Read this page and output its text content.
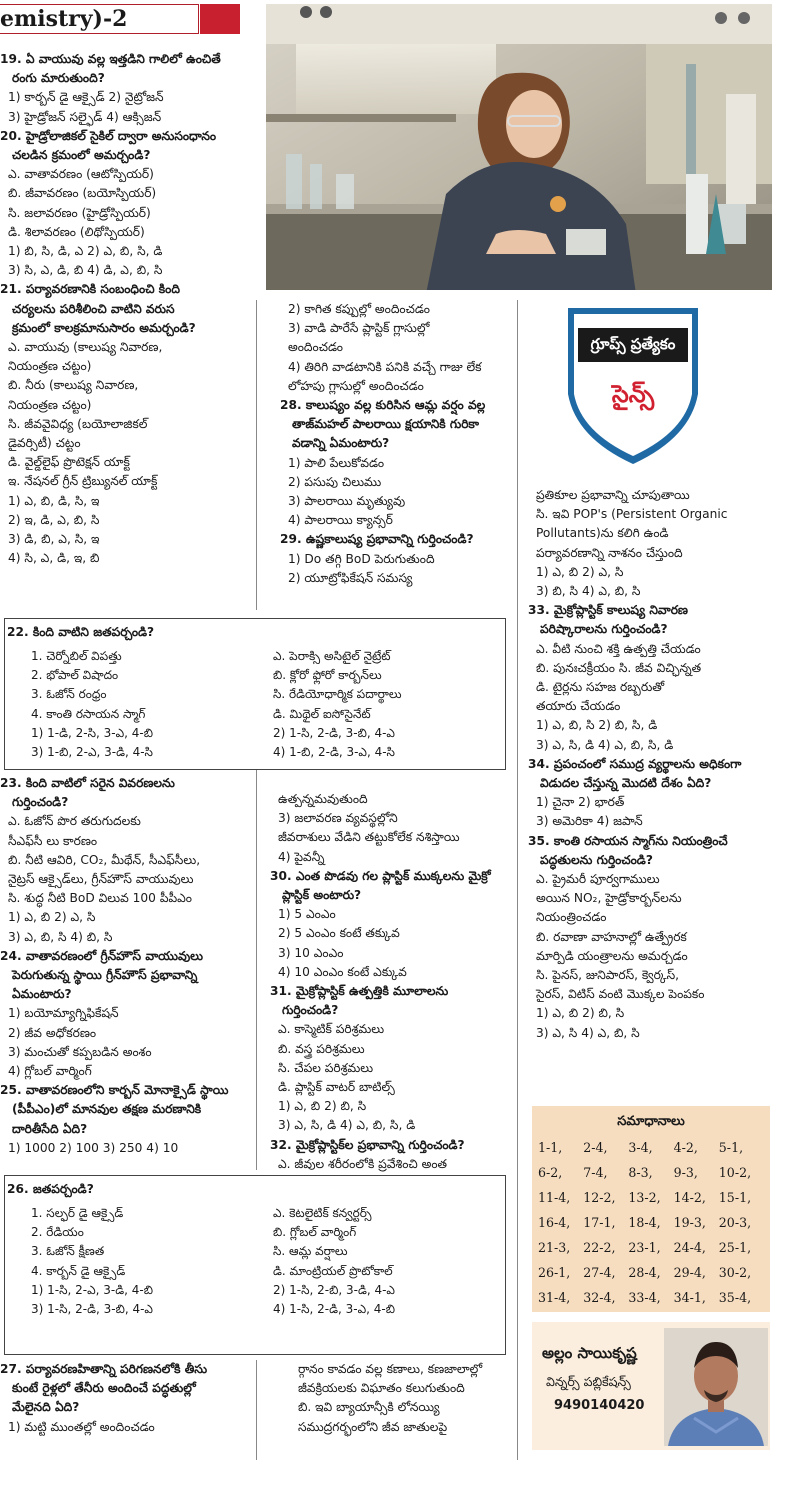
emistry)-2
19. ఏ వాయువు వల్ల ఇత్తడిని గాలిలో ఉంచితే
రంగు మారుతుంది?
1) కార్బన్ డై ఆక్సైడ్ 2) నైట్రోజన్
3) హైడ్రోజన్ సల్ఫైడ్ 4) ఆక్సిజన్
20. హైడ్రోలాజికల్ సైకిల్ ద్వారా అనుసంధానం
చలడిన క్రమంలో అమర్చండి?
ఎ. వాతావరణం (ఆటోస్పియర్)
బి. జీవావరణం (బయోస్పియర్)
సి. జలావరణం (హైడ్రోస్పియర్)
డి. శిలావరణం (లిథోస్పియర్)
1) బి, సి, డి, ఎ 2) ఎ, బి, సి, డి
3) సి, ఎ, డి, బి 4) డి, ఎ, బి, సి
21. పర్యావరణానికి సంబంధించి కింది
చర్యలను పరిశీలించి వాటిని వరుస
క్రమంలో కాలక్రమానుసారం అమర్చండి?
ఎ. వాయువు (కాలుష్య నివారణ,
నియంత్రణ చట్టం)
బి. నీరు (కాలుష్య నివారణ,
నియంత్రణ చట్టం)
సి. జీవవైవిధ్య (బయోలాజికల్
డైవర్సిటీ) చట్టం
డి. వైల్డ్‌లైఫ్ ప్రొటెక్షన్ యాక్ట్
ఇ. నేషనల్ గ్రీన్ ట్రిబ్యునల్ యాక్ట్
1) ఎ, బి, డి, సి, ఇ
2) ఇ, డి, ఎ, బి, సి
3) డి, బి, ఎ, సి, ఇ
4) సి, ఎ, డి, ఇ, బి
2) కాగిత కప్పుల్లో అందించడం
3) వాడి పారేసే ప్లాస్టిక్ గ్లాసుల్లో
అందించడం
4) తిరిగి వాడటానికి పనికి వచ్చే గాజు లేక
లోహపు గ్లాసుల్లో అందించడం
28. కాలుష్యం వల్ల కురిసిన ఆమ్ల వర్షం వల్ల
తాజ్‌మహల్ పాలరాయి క్షయానికి గురికా
వడాన్ని ఏమంటారు?
1) పాలి పేలుకోవడం
2) పసుపు చిలుము
3) పాలరాయి మృత్యువు
4) పాలరాయి క్యాన్సర్
29. ఉష్ణకాలుష్య ప్రభావాన్ని గుర్తించండి?
1) Do తగ్గి BoD పెరుగుతుంది
2) యూట్రోఫికేషన్ సమస్య
22. కింది వాటిని జతపర్చండి?
1. చెర్నోబిల్ విపత్తు	ఎ. పెరాక్సి అసిటైల్ నైట్రేట్
2. భోపాల్ విషాదం	బి. క్లోరో ఫ్లోరో కార్బన్‌లు
3. ఓజోన్ రంధ్రం	సి. రేడియోధార్మిక పదార్థాలు
4. కాంతి రసాయన స్మాగ్	డి. మిథైల్ ఐసోసైనేట్
1) 1-డి, 2-సి, 3-ఎ, 4-బి	2) 1-సి, 2-డి, 3-బి, 4-ఎ
3) 1-బి, 2-ఎ, 3-డి, 4-సి	4) 1-బి, 2-డి, 3-ఎ, 4-సి
23. కింది వాటిలో సరైన వివరణలను
గుర్తించండి?
ఎ. ఓజోన్ పొర తరుగుదలకు
సీఎఫ్‌సీ లు కారణం
బి. నీటి ఆవిరి, CO₂, మీథేన్, సీఎఫ్‌సీలు,
నైట్రస్ ఆక్సైడ్‌లు, గ్రీన్‌హౌస్ వాయువులు
సి. శుద్ధ నీటి BoD విలువ 100 పీపీఎం
1) ఎ, బి 2) ఎ, సి
3) ఎ, బి, సి 4) బి, సి
24. వాతావరణంలో గ్రీన్‌హౌస్ వాయువులు
పెరుగుతున్న స్థాయి గ్రీన్‌హౌస్ ప్రభావాన్ని
ఏమంటారు?
1) బయోమ్యాగ్నిఫికేషన్
2) జీవ అధోకరణం
3) మంచుతో కప్పబడిన అంశం
4) గ్లోబల్ వార్మింగ్
25. వాతావరణంలోని కార్బన్ మోనాక్సైడ్ స్థాయి
(పీపీఎం)లో మానవుల తక్షణ మరణానికి
దారితీసేది ఏది?
1) 1000 2) 100 3) 250 4) 10
ఉత్పన్నమవుతుంది
3) జలావరణ వ్యవస్థల్లోని
జీవరాశులు వేడిని తట్టుకోలేక నశిస్తాయి
4) పైవన్నీ
30. ఎంత పొడవు గల ప్లాస్టిక్ ముక్కలను మైక్రో
ప్లాస్టిక్ అంటారు?
1) 5 ఎంఎం
2) 5 ఎంఎం కంటే తక్కువ
3) 10 ఎంఎం
4) 10 ఎంఎం కంటే ఎక్కువ
31. మైక్రోప్లాస్టిక్ ఉత్పత్తికి మూలాలను
గుర్తించండి?
ఎ. కాస్మెటిక్ పరిశ్రమలు
బి. వస్త్ర పరిశ్రమలు
సి. చేపల పరిశ్రమలు
డి. ప్లాస్టిక్ వాటర్ బాటిల్స్
1) ఎ, బి 2) బి, సి
3) ఎ, సి, డి 4) ఎ, బి, సి, డి
32. మైక్రోప్లాస్టిక్‌ల ప్రభావాన్ని గుర్తించండి?
ఎ. జీవుల శరీరంలోకి ప్రవేశించి అంత
26. జతపర్చండి?
1. సల్ఫర్ డై ఆక్సైడ్	ఎ. కెటలైటిక్ కన్వర్టర్స్
2. రేడియం	బి. గ్లోబల్ వార్మింగ్
3. ఓజోన్ క్షీణత	సి. ఆమ్ల వర్షాలు
4. కార్బన్ డై ఆక్సైడ్	డి. మాంట్రియల్ ప్రొటోకాల్
1) 1-సి, 2-ఎ, 3-డి, 4-బి	2) 1-సి, 2-బి, 3-డి, 4-ఎ
3) 1-సి, 2-డి, 3-బి, 4-ఎ	4) 1-సి, 2-డి, 3-ఎ, 4-బి
27. పర్యావరణహితాన్ని పరిగణనలోకి తీసు
కుంటే రైళ్లలో తేనీరు అందించే పద్ధతుల్లో
మేలైనది ఏది?
1) మట్టి ముంతల్లో అందించడం
ర్గానం కావడం వల్ల కణాలు, కణజాలాల్లో
జీవక్రియలకు విఘాతం కలుగుతుంది
బి. ఇవి బ్యాయాన్సీకి లోనయ్యి
సముద్రగర్భంలోని జీవ జాతులపై
గ్రూప్స్ ప్రత్యేకం
సైన్స్
ప్రతికూల ప్రభావాన్ని చూపుతాయి
సి. ఇవి POP's (Persistent Organic
Pollutants)ను కలిగి ఉండి
పర్యావరణాన్ని నాశనం చేస్తుంది
1) ఎ, బి 2) ఎ, సి
3) బి, సి 4) ఎ, బి, సి
33. మైక్రోప్లాస్టిక్ కాలుష్య నివారణ
పరిష్కారాలను గుర్తించండి?
ఎ. వీటి నుంచి శక్తి ఉత్పత్తి చేయడం
బి. పునఃచక్రీయం సి. జీవ విచ్ఛిన్నత
డి. టైర్లను సహజ రబ్బరుతో
తయారు చేయడం
1) ఎ, బి, సి 2) బి, సి, డి
3) ఎ, సి, డి 4) ఎ, బి, సి, డి
34. ప్రపంచంలో సముద్ర వ్యర్థాలను అధికంగా
విడుదల చేస్తున్న మొదటి దేశం ఏది?
1) చైనా 2) భారత్
3) అమెరికా 4) జపాన్
35. కాంతి రసాయన స్మాగ్‌ను నియంత్రించే
పద్ధతులను గుర్తించండి?
ఎ. ప్రైమరీ పూర్వగాములు
అయిన NO₂, హైడ్రోకార్బన్‌లను
నియంత్రించడం
బి. రవాణా వాహనాల్లో ఉత్ప్రేరక
మార్పిడి యంత్రాలను అమర్చడం
సి. పైనస్, జునిపారస్, క్వెర్కస్,
సైరస్, విటిస్ వంటి మొక్కల పెంపకం
1) ఎ, బి 2) బి, సి
3) ఎ, సి 4) ఎ, బి, సి
సమాధానాలు
1-1,	2-4,	3-4,	4-2,	5-1,
6-2,	7-4,	8-3,	9-3,	10-2,
11-4,	12-2,	13-2,	14-2,	15-1,
16-4,	17-1,	18-4,	19-3,	20-3,
21-3,	22-2,	23-1,	24-4,	25-1,
26-1,	27-4,	28-4,	29-4,	30-2,
31-4,	32-4,	33-4,	34-1,	35-4,
అల్లం సాయికృష్ణ
విన్నర్స్ పబ్లికేషన్స్
9490140420
